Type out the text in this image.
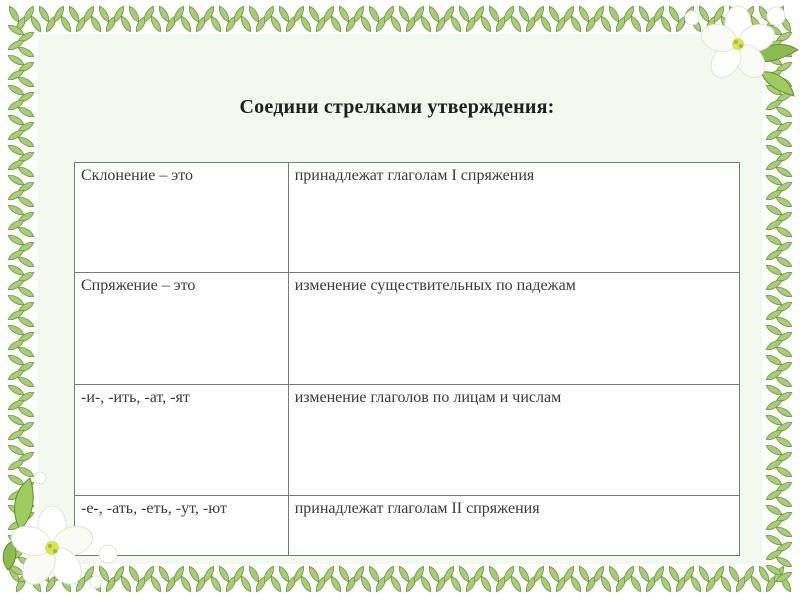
Соедини стрелками утверждения:
Склонение – это	принадлежат глаголам I спряжения
Спряжение – это	изменение существительных по падежам
-и-, -ить, -ат, -ят	изменение глаголов по лицам и числам
-е-, -ать, -еть, -ут, -ют	принадлежат глаголам II спряжения
